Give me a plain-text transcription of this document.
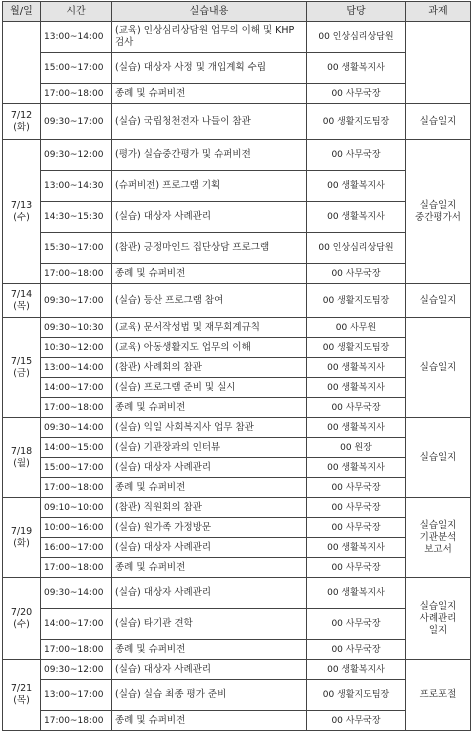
월/일	시간	실습내용	담당	과제
	13:00~14:00	(교육) 인상심리상담원 업무의 이해 및 KHP 검사	00 인상심리상담원	
	15:00~17:00	(실습) 대상자 사정 및 개입계획 수립	00 생활복지사	
	17:00~18:00	종례 및 슈퍼비전	00 사무국장	
7/12
(화)	09:30~17:00	(실습) 국립청천전자 나들이 참관	00 생활지도팀장	실습일지
7/13
(수)	09:30~12:00	(평가) 실습중간평가 및 슈퍼비전	00 사무국장	실습일지
중간평가서
	13:00~14:30	(슈퍼비전) 프로그램 기획	00 생활복지사	
	14:30~15:30	(실습) 대상자 사례관리	00 생활복지사	
	15:30~17:00	(참관) 긍정마인드 집단상담 프로그램	00 인상심리상담원	
	17:00~18:00	종례 및 슈퍼비전	00 사무국장	
7/14
(목)	09:30~17:00	(실습) 등산 프로그램 참여	00 생활지도팀장	실습일지
7/15
(금)	09:30~10:30	(교육) 문서작성법 및 재무회계규칙	00 사무원	실습일지
	10:30~12:00	(교육) 아동생활지도 업무의 이해	00 생활지도팀장	
	13:00~14:00	(참관) 사례회의 참관	00 생활복지사	
	14:00~17:00	(실습) 프로그램 준비 및 실시	00 생활복지사	
	17:00~18:00	종례 및 슈퍼비전	00 사무국장	
7/18
(월)	09:30~14:00	(실습) 익일 사회복지사 업무 참관	00 생활복지사	실습일지
	14:00~15:00	(실습) 기관장과의 인터뷰	00 원장	
	15:00~17:00	(실습) 대상자 사례관리	00 생활복지사	
	17:00~18:00	종례 및 슈퍼비전	00 사무국장	
7/19
(화)	09:10~10:00	(참관) 직원회의 참관	00 사무국장	실습일지
기관분석
보고서
	10:00~16:00	(실습) 원가족 가정방문	00 사무국장	
	16:00~17:00	(실습) 대상자 사례관리	00 생활복지사	
	17:00~18:00	종례 및 슈퍼비전	00 사무국장	
7/20
(수)	09:30~14:00	(실습) 대상자 사례관리	00 생활복지사	실습일지
사례관리
일지
	14:00~17:00	(실습) 타기관 견학	00 사무국장	
	17:00~18:00	종례 및 슈퍼비전	00 사무국장	
7/21
(목)	09:30~12:00	(실습) 대상자 사례관리	00 생활복지사	프로포절
	13:00~17:00	(실습) 실습 최종 평가 준비	00 생활지도팀장	
	17:00~18:00	종례 및 슈퍼비전	00 사무국장	
